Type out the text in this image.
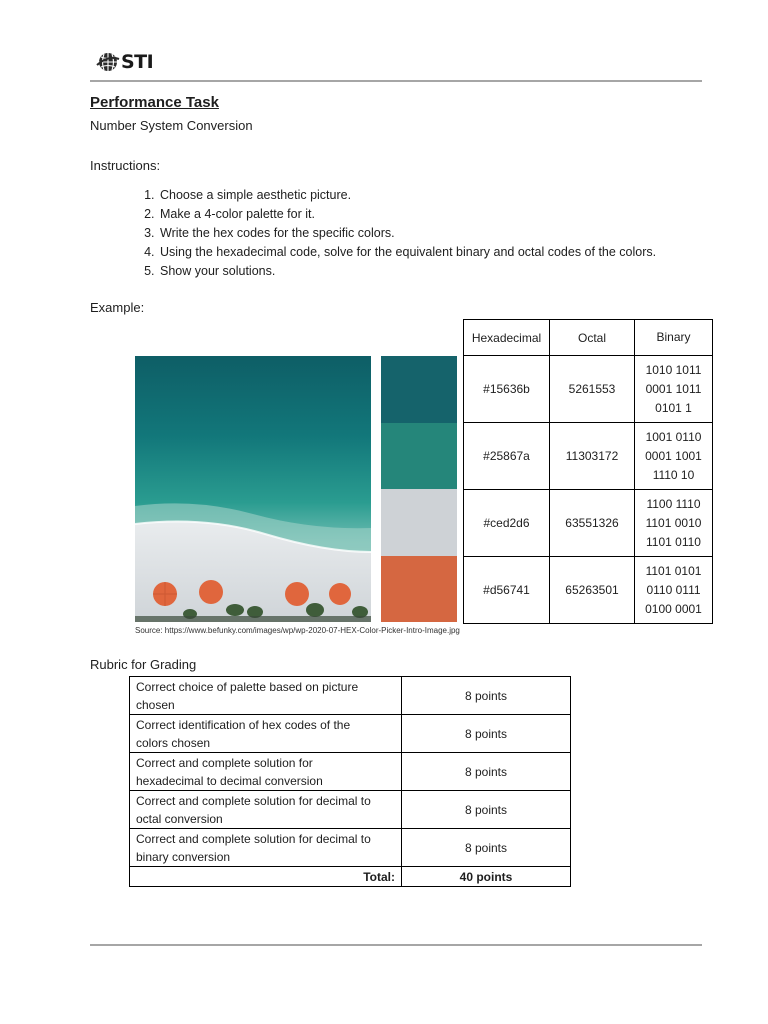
STI
Performance Task
Number System Conversion
Instructions:
1. Choose a simple aesthetic picture.
2. Make a 4-color palette for it.
3. Write the hex codes for the specific colors.
4. Using the hexadecimal code, solve for the equivalent binary and octal codes of the colors.
5. Show your solutions.
Example:
Hexadecimal	Octal	Binary
#15636b	5261553	1010 1011
0001 1011
0101 1

#25867a	11303172	1001 0110
0001 1001
1110 10

#ced2d6	63551326	1100 1110
1101 0010
1101 0110

#d56741	65263501	1101 0101
0110 0111
0100 0001
Source: https://www.befunky.com/images/wp/wp-2020-07-HEX-Color-Picker-Intro-Image.jpg
Rubric for Grading
Correct choice of palette based on picture
chosen	8 points

Correct identification of hex codes of the
colors chosen	8 points

Correct and complete solution for
hexadecimal to decimal conversion	8 points

Correct and complete solution for decimal to
octal conversion	8 points

Correct and complete solution for decimal to
binary conversion	8 points
Total:	40 points
